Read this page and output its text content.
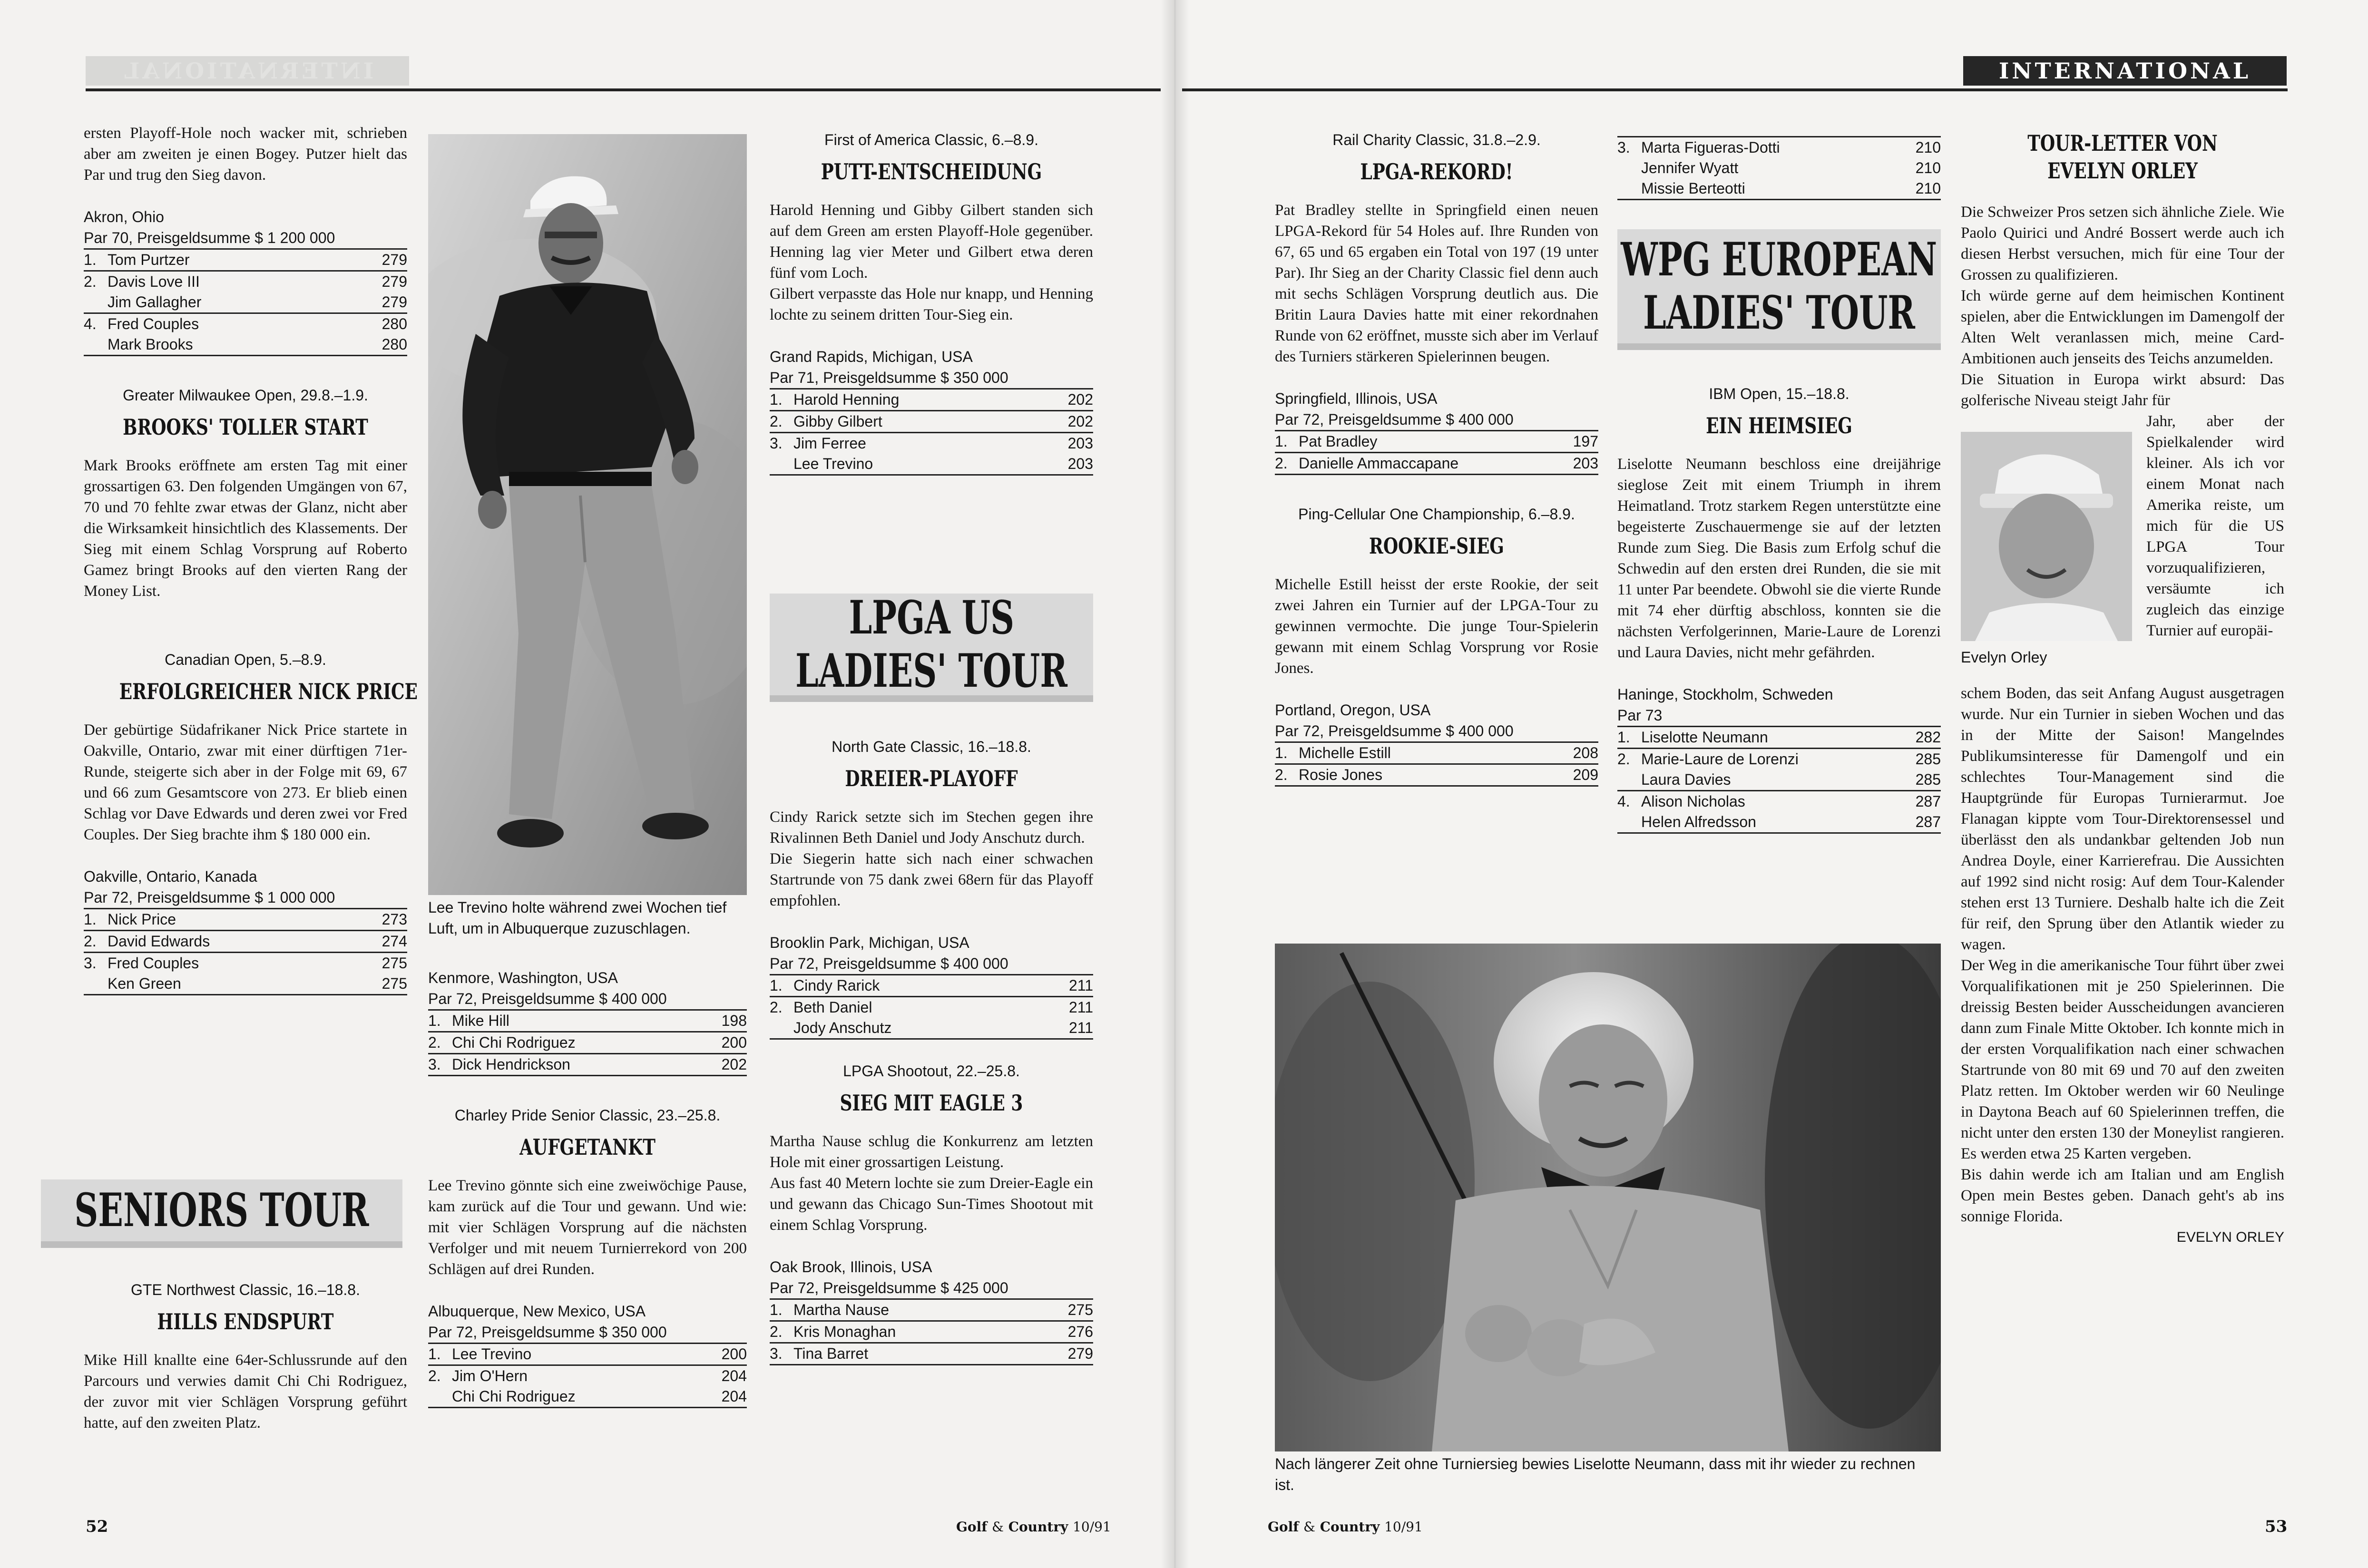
INTERNATIONAL

ersten Playoff-Hole noch wacker mit, schrieben aber am zweiten je einen Bogey. Putzer hielt das Par und trug den Sieg davon.

Akron, Ohio
Par 70, Preisgeldsumme $ 1 200 000
1.	Tom Purtzer	279
2.	Davis Love III	279
	Jim Gallagher	279
4.	Fred Couples	280
	Mark Brooks	280

Greater Milwaukee Open, 29.8.–1.9.

BROOKS' TOLLER START

Mark Brooks eröffnete am ersten Tag mit einer grossartigen 63. Den folgenden Umgängen von 67, 70 und 70 fehlte zwar etwas der Glanz, nicht aber die Wirksamkeit hinsichtlich des Klassements. Der Sieg mit einem Schlag Vorsprung auf Roberto Gamez bringt Brooks auf den vierten Rang der Money List.

Canadian Open, 5.–8.9.

ERFOLGREICHER NICK PRICE

Der gebürtige Südafrikaner Nick Price startete in Oakville, Ontario, zwar mit einer dürftigen 71er-Runde, steigerte sich aber in der Folge mit 69, 67 und 66 zum Gesamtscore von 273. Er blieb einen Schlag vor Dave Edwards und deren zwei vor Fred Couples. Der Sieg brachte ihm $ 180 000 ein.

Oakville, Ontario, Kanada
Par 72, Preisgeldsumme $ 1 000 000
1.	Nick Price	273
2.	David Edwards	274
3.	Fred Couples	275
	Ken Green	275
SENIORS TOUR

GTE Northwest Classic, 16.–18.8.

HILLS ENDSPURT

Mike Hill knallte eine 64er-Schlussrunde auf den Parcours und verwies damit Chi Chi Rodriguez, der zuvor mit vier Schlägen Vorsprung geführt hatte, auf den zweiten Platz.

Lee Trevino holte während zwei Wochen tief Luft, um in Albuquerque zuzuschlagen.

Kenmore, Washington, USA
Par 72, Preisgeldsumme $ 400 000
1.	Mike Hill	198
2.	Chi Chi Rodriguez	200
3.	Dick Hendrickson	202

Charley Pride Senior Classic, 23.–25.8.

AUFGETANKT

Lee Trevino gönnte sich eine zweiwöchige Pause, kam zurück auf die Tour und gewann. Und wie: mit vier Schlägen Vorsprung auf die nächsten Verfolger und mit neuem Turnierrekord von 200 Schlägen auf drei Runden.

Albuquerque, New Mexico, USA
Par 72, Preisgeldsumme $ 350 000
1.	Lee Trevino	200
2.	Jim O'Hern	204
	Chi Chi Rodriguez	204

First of America Classic, 6.–8.9.

PUTT-ENTSCHEIDUNG

Harold Henning und Gibby Gilbert standen sich auf dem Green am ersten Playoff-Hole gegenüber. Henning lag vier Meter und Gilbert etwa deren fünf vom Loch.

Gilbert verpasste das Hole nur knapp, und Henning lochte zu seinem dritten Tour-Sieg ein.

Grand Rapids, Michigan, USA
Par 71, Preisgeldsumme $ 350 000
1.	Harold Henning	202
2.	Gibby Gilbert	202
3.	Jim Ferree	203
	Lee Trevino	203
LPGA US
LADIES' TOUR

North Gate Classic, 16.–18.8.

DREIER-PLAYOFF

Cindy Rarick setzte sich im Stechen gegen ihre Rivalinnen Beth Daniel und Jody Anschutz durch.

Die Siegerin hatte sich nach einer schwachen Startrunde von 75 dank zwei 68ern für das Playoff empfohlen.

Brooklin Park, Michigan, USA
Par 72, Preisgeldsumme $ 400 000
1.	Cindy Rarick	211
2.	Beth Daniel	211
	Jody Anschutz	211

LPGA Shootout, 22.–25.8.

SIEG MIT EAGLE 3

Martha Nause schlug die Konkurrenz am letzten Hole mit einer grossartigen Leistung.

Aus fast 40 Metern lochte sie zum Dreier-Eagle ein und gewann das Chicago Sun-Times Shootout mit einem Schlag Vorsprung.

Oak Brook, Illinois, USA
Par 72, Preisgeldsumme $ 425 000
1.	Martha Nause	275
2.	Kris Monaghan	276
3.	Tina Barret	279
52	Golf & Country 10/91
INTERNATIONAL

Rail Charity Classic, 31.8.–2.9.

LPGA-REKORD!

Pat Bradley stellte in Springfield einen neuen LPGA-Rekord für 54 Holes auf. Ihre Runden von 67, 65 und 65 ergaben ein Total von 197 (19 unter Par). Ihr Sieg an der Charity Classic fiel denn auch mit sechs Schlägen Vorsprung deutlich aus. Die Britin Laura Davies hatte mit einer rekordnahen Runde von 62 eröffnet, musste sich aber im Verlauf des Turniers stärkeren Spielerinnen beugen.

Springfield, Illinois, USA
Par 72, Preisgeldsumme $ 400 000
1.	Pat Bradley	197
2.	Danielle Ammaccapane	203

Ping-Cellular One Championship, 6.–8.9.

ROOKIE-SIEG

Michelle Estill heisst der erste Rookie, der seit zwei Jahren ein Turnier auf der LPGA-Tour zu gewinnen vermochte. Die junge Tour-Spielerin gewann mit einem Schlag Vorsprung vor Rosie Jones.

Portland, Oregon, USA
Par 72, Preisgeldsumme $ 400 000
1.	Michelle Estill	208
2.	Rosie Jones	209
3.	Marta Figueras-Dotti	210
	Jennifer Wyatt	210
	Missie Berteotti	210
WPG EUROPEAN
LADIES' TOUR

IBM Open, 15.–18.8.

EIN HEIMSIEG

Liselotte Neumann beschloss eine dreijährige sieglose Zeit mit einem Triumph in ihrem Heimatland. Trotz starkem Regen unterstützte eine begeisterte Zuschauermenge sie auf der letzten Runde zum Sieg. Die Basis zum Erfolg schuf die Schwedin auf den ersten drei Runden, die sie mit 11 unter Par beendete. Obwohl sie die vierte Runde mit 74 eher dürftig abschloss, konnten sie die nächsten Verfolgerinnen, Marie-Laure de Lorenzi und Laura Davies, nicht mehr gefährden.

Haninge, Stockholm, Schweden
Par 73
1.	Liselotte Neumann	282
2.	Marie-Laure de Lorenzi	285
	Laura Davies	285
4.	Alison Nicholas	287
	Helen Alfredsson	287

Nach längerer Zeit ohne Turniersieg bewies Liselotte Neumann, dass mit ihr wieder zu rechnen ist.

TOUR-LETTER VON

EVELYN ORLEY

Die Schweizer Pros setzen sich ähnliche Ziele. Wie Paolo Quirici und André Bossert werde auch ich diesen Herbst versuchen, mich für eine Tour der Grossen zu qualifizieren.

Ich würde gerne auf dem heimischen Kontinent spielen, aber die Entwicklungen im Damengolf der Alten Welt veranlassen mich, meine Card-Ambitionen auch jenseits des Teichs anzumelden.

Die Situation in Europa wirkt absurd: Das golferische Niveau steigt Jahr für

Evelyn Orley

Jahr, aber der Spielkalender wird kleiner. Als ich vor einem Monat nach Amerika reiste, um mich für die US LPGA Tour vorzuqualifizieren, versäumte ich zugleich das einzige Turnier auf europäi-

schem Boden, das seit Anfang August ausgetragen wurde. Nur ein Turnier in sieben Wochen und das in der Mitte der Saison! Mangelndes Publikumsinteresse für Damengolf und ein schlechtes Tour-Management sind die Hauptgründe für Europas Turnierarmut. Joe Flanagan kippte vom Tour-Direktorensessel und überlässt den als undankbar geltenden Job nun Andrea Doyle, einer Karrierefrau. Die Aussichten auf 1992 sind nicht rosig: Auf dem Tour-Kalender stehen erst 13 Turniere. Deshalb halte ich die Zeit für reif, den Sprung über den Atlantik wieder zu wagen.

Der Weg in die amerikanische Tour führt über zwei Vorqualifikationen mit je 250 Spielerinnen. Die dreissig Besten beider Ausscheidungen avancieren dann zum Finale Mitte Oktober. Ich konnte mich in der ersten Vorqualifikation nach einer schwachen Startrunde von 80 mit 69 und 70 auf den zweiten Platz retten. Im Oktober werden wir 60 Neulinge in Daytona Beach auf 60 Spielerinnen treffen, die nicht unter den ersten 130 der Moneylist rangieren. Es werden etwa 25 Karten vergeben.

Bis dahin werde ich am Italian und am English Open mein Bestes geben. Danach geht's ab ins sonnige Florida.

EVELYN ORLEY

Golf & Country 10/91	53
